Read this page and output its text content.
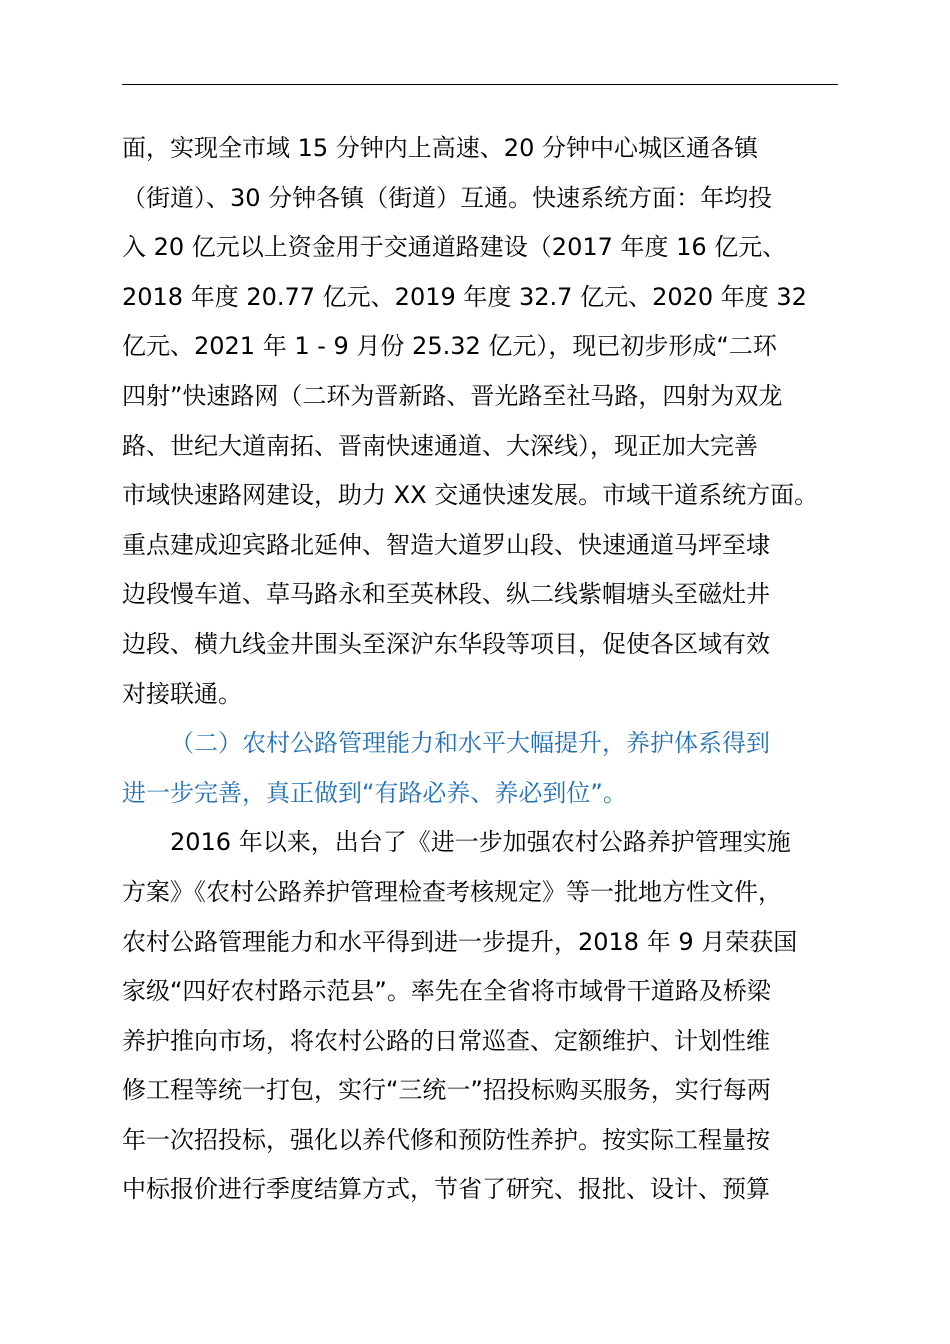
面，实现全市域 15 分钟内上高速、20 分钟中心城区通各镇
（街道）、30 分钟各镇（街道）互通。快速系统方面：年均投
入 20 亿元以上资金用于交通道路建设（2017 年度 16 亿元、
2018 年度 20.77 亿元、2019 年度 32.7 亿元、2020 年度 32
亿元、2021 年 1 - 9 月份 25.32 亿元），现已初步形成“二环
四射”快速路网（二环为晋新路、晋光路至社马路，四射为双龙
路、世纪大道南拓、晋南快速通道、大深线），现正加大完善
市域快速路网建设，助力 XX 交通快速发展。市域干道系统方面。
重点建成迎宾路北延伸、智造大道罗山段、快速通道马坪至埭
边段慢车道、草马路永和至英林段、纵二线紫帽塘头至磁灶井
边段、横九线金井围头至深沪东华段等项目，促使各区域有效
对接联通。
（二）农村公路管理能力和水平大幅提升，养护体系得到
进一步完善，真正做到“有路必养、养必到位”。
2016 年以来，出台了《进一步加强农村公路养护管理实施
方案》《农村公路养护管理检查考核规定》等一批地方性文件，
农村公路管理能力和水平得到进一步提升，2018 年 9 月荣获国
家级“四好农村路示范县”。率先在全省将市域骨干道路及桥梁
养护推向市场，将农村公路的日常巡查、定额维护、计划性维
修工程等统一打包，实行“三统一”招投标购买服务，实行每两
年一次招投标，强化以养代修和预防性养护。按实际工程量按
中标报价进行季度结算方式，节省了研究、报批、设计、预算
